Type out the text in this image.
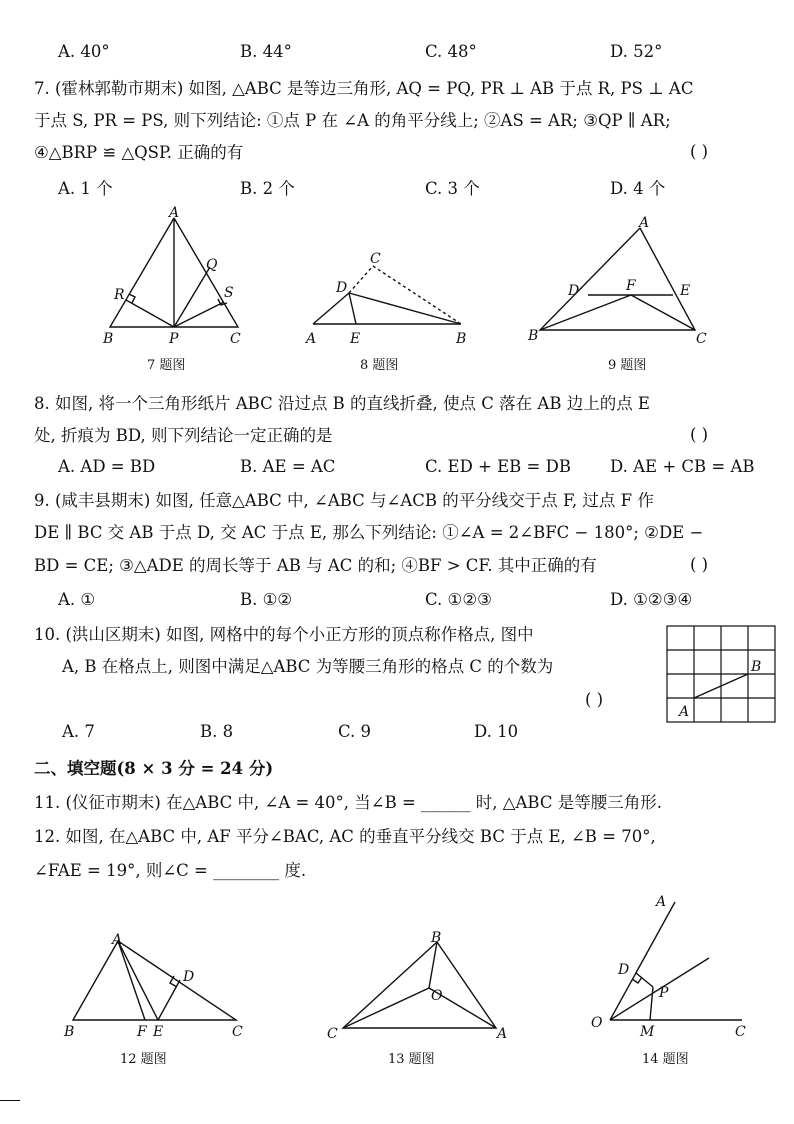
A. 40°	B. 44°	C. 48°	D. 52°
7. (霍林郭勒市期末) 如图, △ABC 是等边三角形, AQ = PQ, PR ⊥ AB 于点 R, PS ⊥ AC
于点 S, PR = PS, 则下列结论: ①点 P 在 ∠A 的角平分线上; ②AS = AR; ③QP ∥ AR;
④△BRP ≌ △QSP. 正确的有	( )
A. 1 个	B. 2 个	C. 3 个	D. 4 个
A
R
Q
S
B	P	C
7 题图
C
D
A E	B
8 题图
A
D	F	E
B	C
9 题图
8. 如图, 将一个三角形纸片 ABC 沿过点 B 的直线折叠, 使点 C 落在 AB 边上的点 E
处, 折痕为 BD, 则下列结论一定正确的是	( )
A. AD = BD	B. AE = AC	C. ED + EB = DB D. AE + CB = AB
9. (咸丰县期末) 如图, 任意△ABC 中, ∠ABC 与∠ACB 的平分线交于点 F, 过点 F 作
DE ∥ BC 交 AB 于点 D, 交 AC 于点 E, 那么下列结论: ①∠A = 2∠BFC − 180°; ②DE −
BD = CE; ③△ADE 的周长等于 AB 与 AC 的和; ④BF > CF. 其中正确的有	( )
A. ①	B. ①②	C. ①②③	D. ①②③④
10. (洪山区期末) 如图, 网格中的每个小正方形的顶点称作格点, 图中
A, B 在格点上, 则图中满足△ABC 为等腰三角形的格点 C 的个数为
( )
A. 7	B. 8	C. 9	D. 10
B
A
二、填空题(8 × 3 分 = 24 分)
11. (仪征市期末) 在△ABC 中, ∠A = 40°, 当∠B = ______ 时, △ABC 是等腰三角形.
12. 如图, 在△ABC 中, AF 平分∠BAC, AC 的垂直平分线交 BC 于点 E, ∠B = 70°,
∠FAE = 19°, 则∠C = ________ 度.
A
D
B	F E	C
12 题图
B
O
C	A
13 题图
A
D
P
O
M	C
14 题图
